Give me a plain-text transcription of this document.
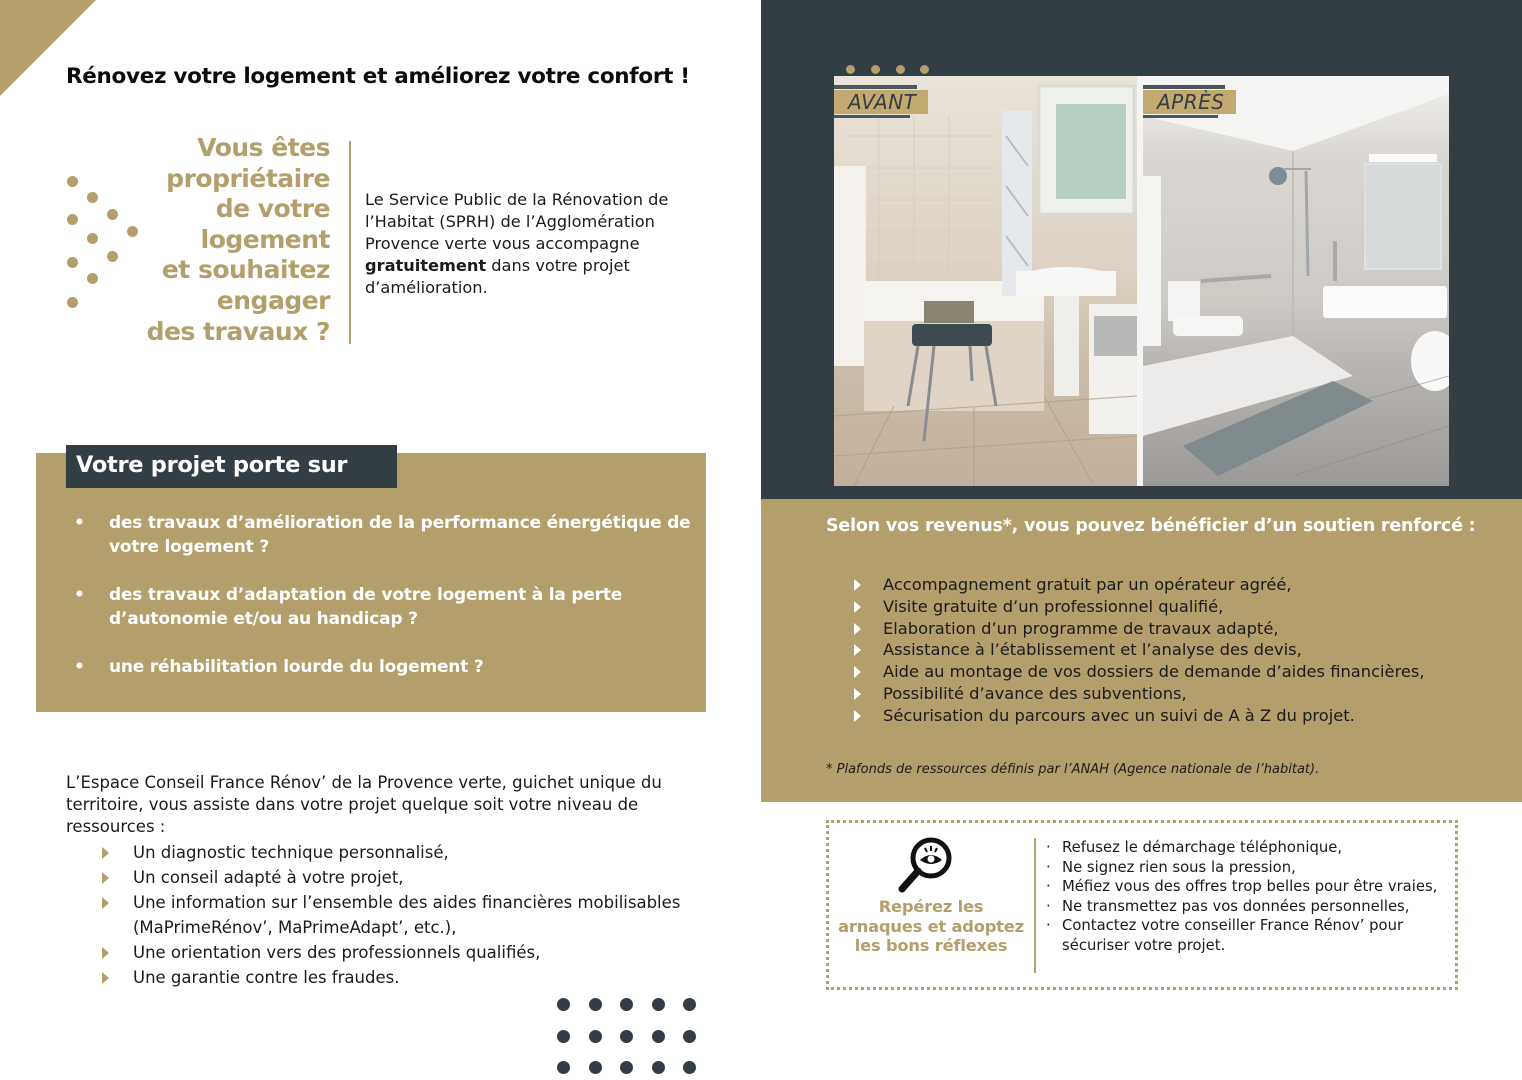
Rénovez votre logement et améliorez votre confort !
Vous êtes
propriétaire
de votre
logement
et souhaitez
engager
des travaux ?

Le Service Public de la Rénovation de l’Habitat (SPRH) de l’Agglomération Provence verte vous accompagne gratuitement dans votre projet d’amélioration.

Votre projet porte sur
• des travaux d’amélioration de la performance énergétique de votre logement ?
• des travaux d’adaptation de votre logement à la perte d’autonomie et/ou au handicap ?
• une réhabilitation lourde du logement ?

L’Espace Conseil France Rénov’ de la Provence verte, guichet unique du territoire, vous assiste dans votre projet quelque soit votre niveau de ressources :

Un diagnostic technique personnalisé,
Un conseil adapté à votre projet,
Une information sur l’ensemble des aides financières mobilisables (MaPrimeRénov’, MaPrimeAdapt’, etc.),
Une orientation vers des professionnels qualifiés,
Une garantie contre les fraudes.
AVANT	APRÈS
Selon vos revenus*, vous pouvez bénéficier d’un soutien renforcé :
Accompagnement gratuit par un opérateur agréé,
Visite gratuite d’un professionnel qualifié,
Elaboration d’un programme de travaux adapté,
Assistance à l’établissement et l’analyse des devis,
Aide au montage de vos dossiers de demande d’aides financières,
Possibilité d’avance des subventions,
Sécurisation du parcours avec un suivi de A à Z du projet.

* Plafonds de ressources définis par l’ANAH (Agence nationale de l’habitat).

Repérez les arnaques et adoptez les bons réflexes
· Refusez le démarchage téléphonique,
· Ne signez rien sous la pression,
· Méfiez vous des offres trop belles pour être vraies,
· Ne transmettez pas vos données personnelles,
· Contactez votre conseiller France Rénov’ pour sécuriser votre projet.
